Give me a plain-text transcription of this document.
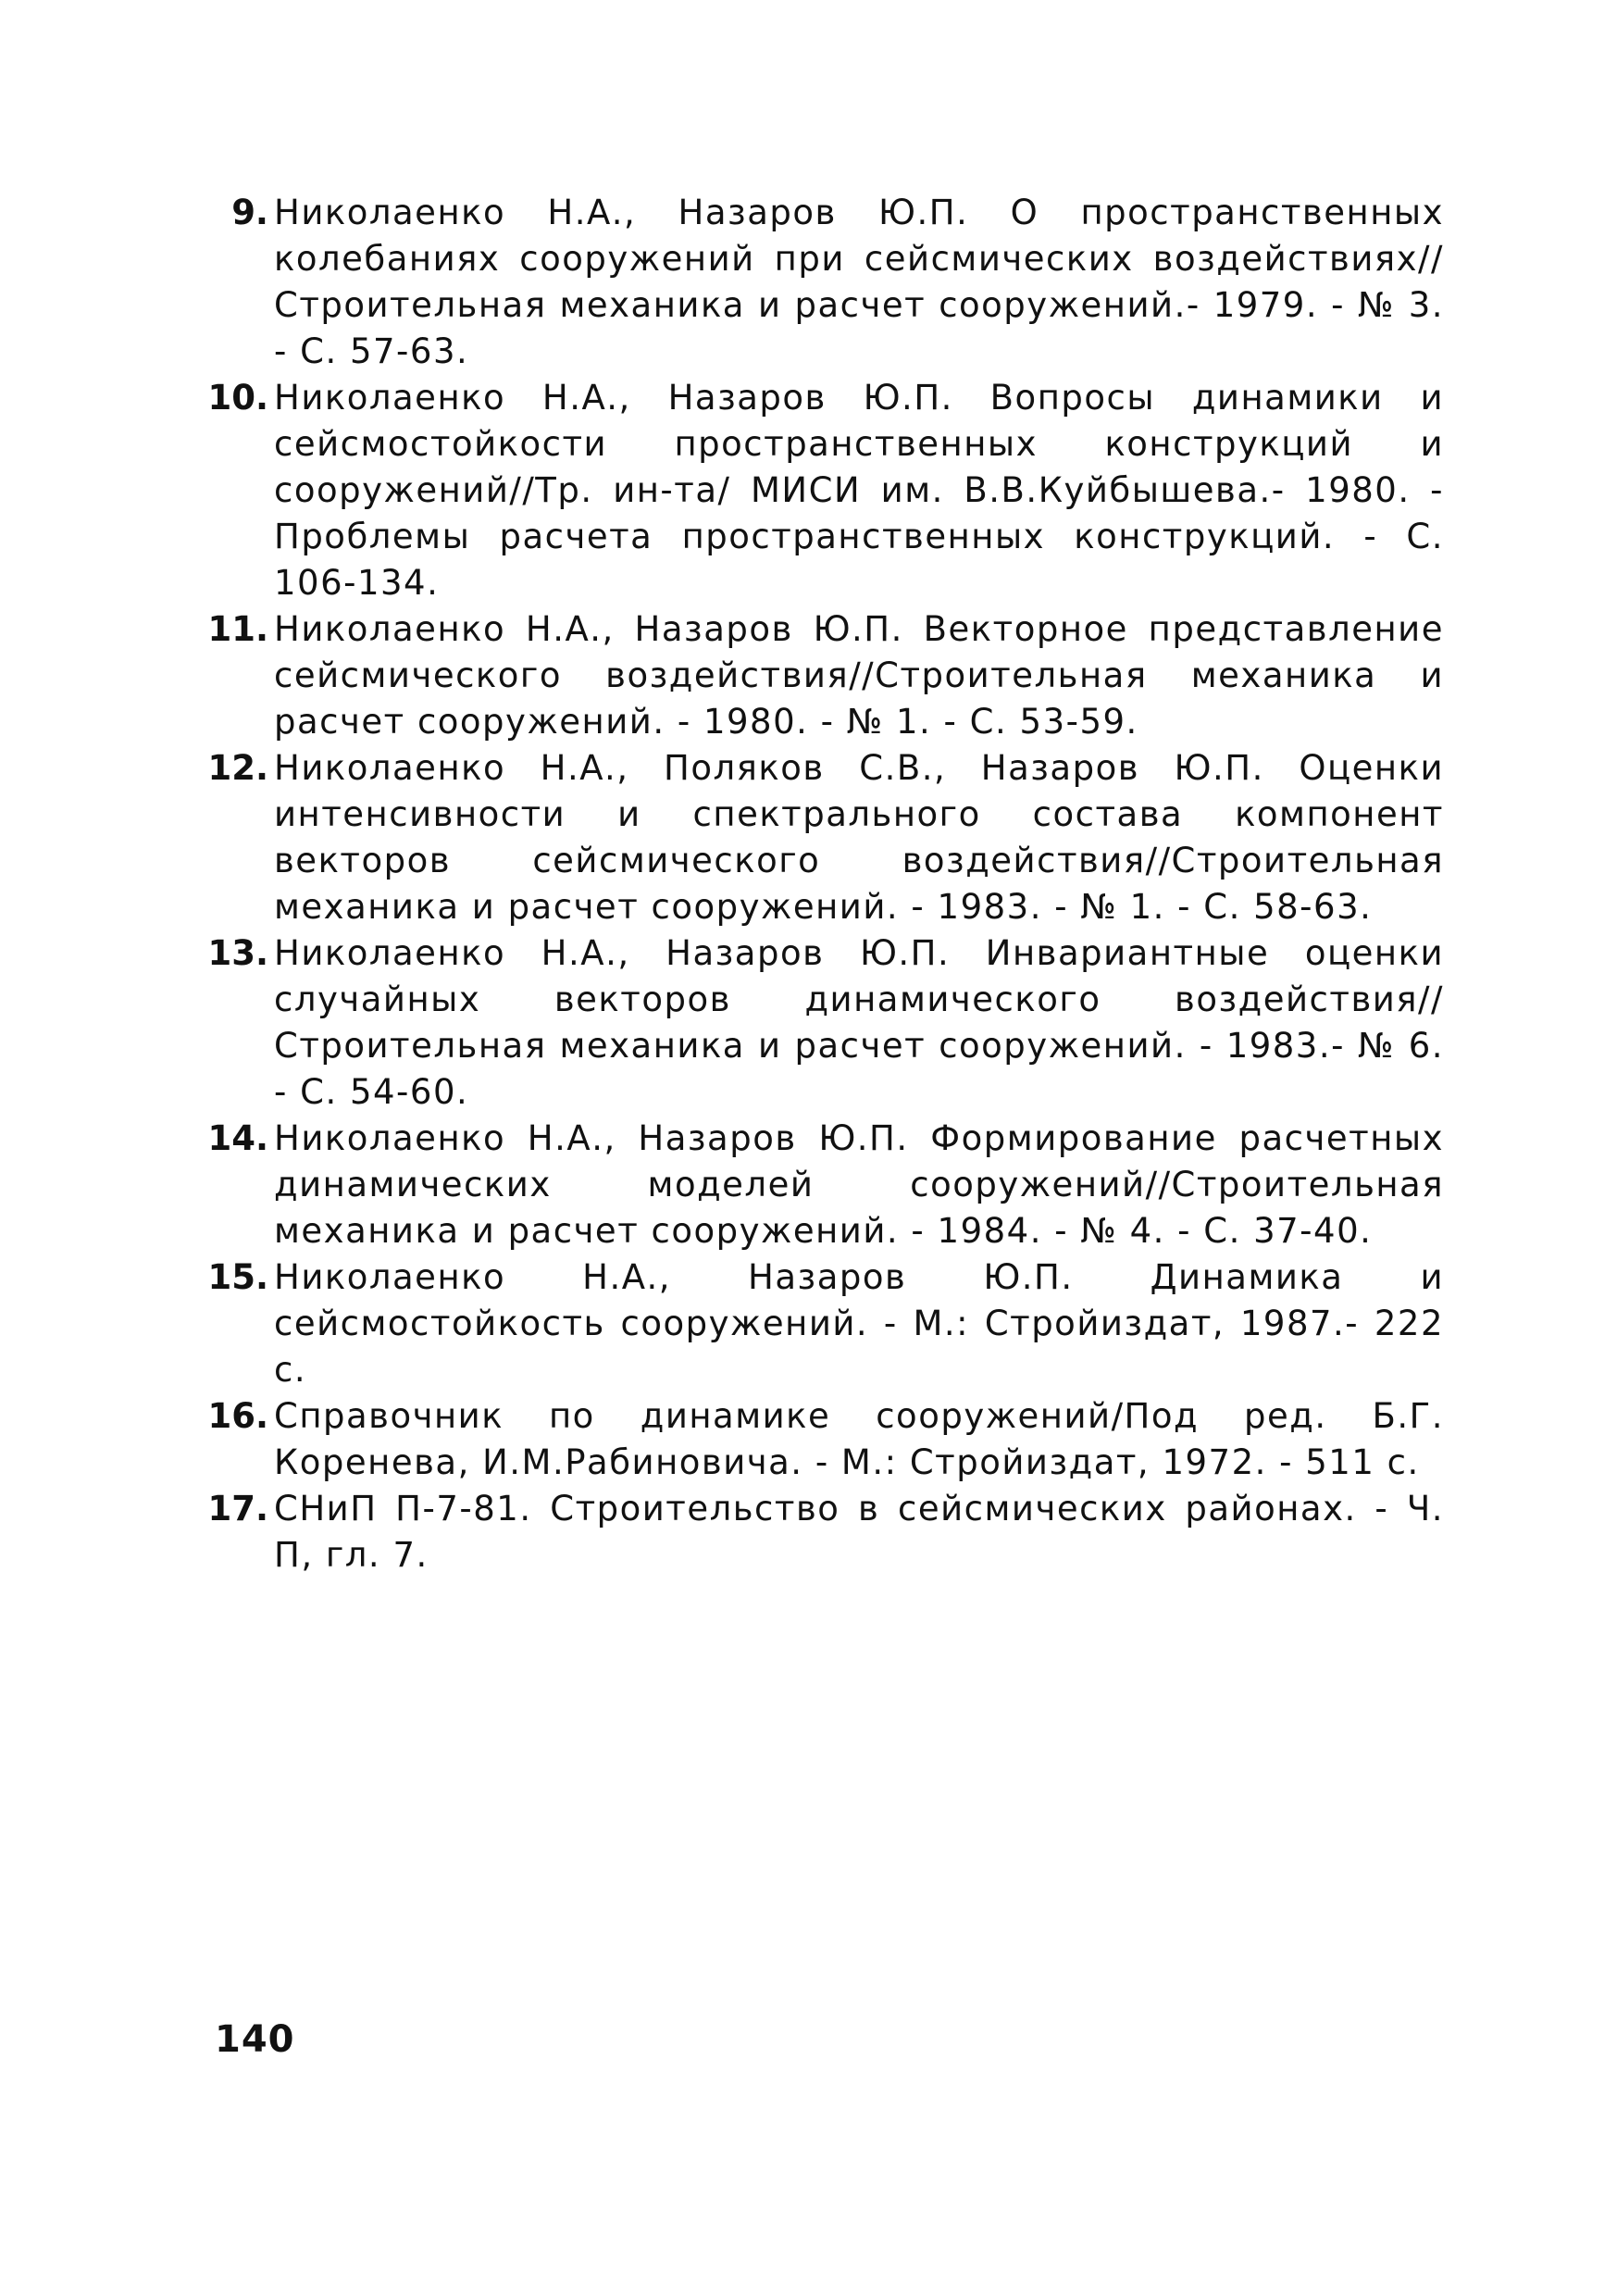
9. Николаенко Н.А., Назаров Ю.П. О пространственных колебаниях сооружений при сейсмических воздействиях//Строительная механика и расчет сооружений.- 1979. - № 3. - С. 57-63.
10. Николаенко Н.А., Назаров Ю.П. Вопросы динамики и сейсмостойкости пространственных конструкций и сооружений//Тр. ин-та/ МИСИ им. В.В.Куйбышева.- 1980. - Проблемы расчета пространственных конструкций. - С. 106-134.
11. Николаенко Н.А., Назаров Ю.П. Векторное представление сейсмического воздействия//Строительная механика и расчет сооружений. - 1980. - № 1. - С. 53-59.
12. Николаенко Н.А., Поляков С.В., Назаров Ю.П. Оценки интенсивности и спектрального состава компонент векторов сейсмического воздействия//Строительная механика и расчет сооружений. - 1983. - № 1. - С. 58-63.
13. Николаенко Н.А., Назаров Ю.П. Инвариантные оценки случайных векторов динамического воздействия// Строительная механика и расчет сооружений. - 1983.- № 6. - С. 54-60.
14. Николаенко Н.А., Назаров Ю.П. Формирование расчетных динамических моделей сооружений//Строительная механика и расчет сооружений. - 1984. - № 4. - С. 37-40.
15. Николаенко Н.А., Назаров Ю.П. Динамика и сейсмостойкость сооружений. - М.: Стройиздат, 1987.- 222 с.
16. Справочник по динамике сооружений/Под ред. Б.Г. Коренева, И.М.Рабиновича. - М.: Стройиздат, 1972. - 511 с.
17. СНиП П-7-81. Строительство в сейсмических районах. - Ч. П, гл. 7.
140
